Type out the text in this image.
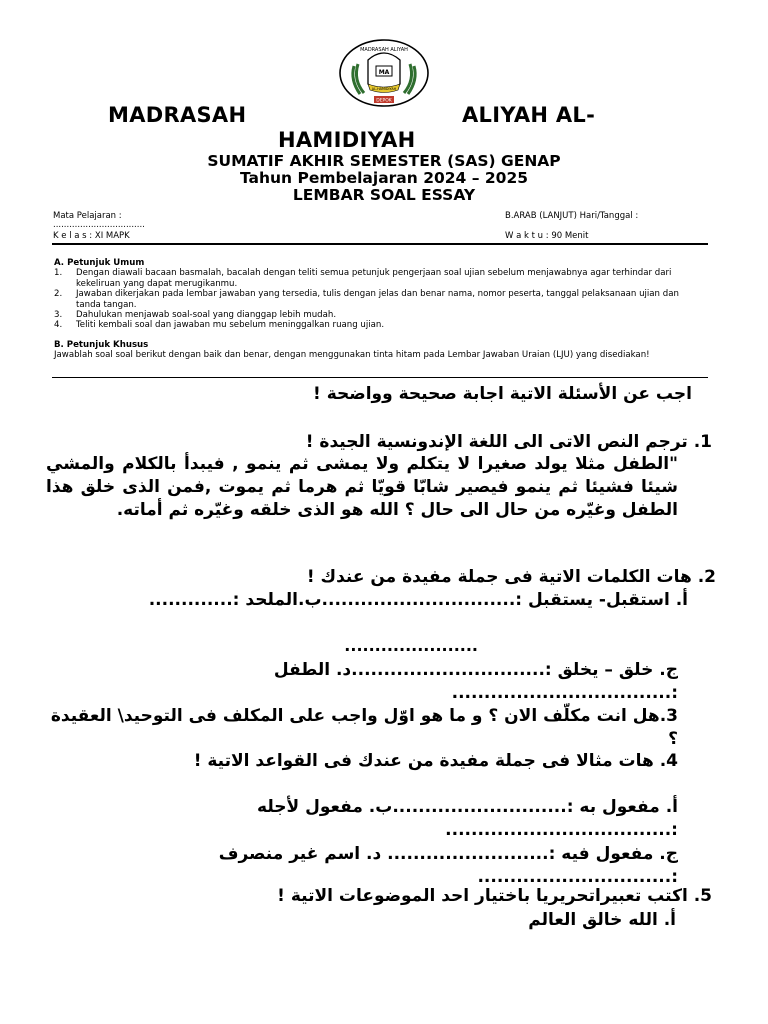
MA
MADRASAH ALIYAH
AL-HAMIDIYAH
DEPOK
MADRASAH	ALIYAH AL-
HAMIDIYAH
SUMATIF AKHIR SEMESTER (SAS) GENAP
Tahun Pembelajaran 2024 – 2025
LEMBAR SOAL ESSAY
Mata Pelajaran :
..................................
B.ARAB (LANJUT) Hari/Tanggal :
K e l a s : XI MAPK	W a k t u : 90 Menit
A. Petunjuk Umum
1.	Dengan diawali bacaan basmalah, bacalah dengan teliti semua petunjuk pengerjaan soal ujian sebelum menjawabnya agar terhindar dari kekeliruan yang dapat merugikanmu.
2.	Jawaban dikerjakan pada lembar jawaban yang tersedia, tulis dengan jelas dan benar nama, nomor peserta, tanggal pelaksanaan ujian dan tanda tangan.
3.	Dahulukan menjawab soal-soal yang dianggap lebih mudah.
4.	Teliti kembali soal dan jawaban mu sebelum meninggalkan ruang ujian.
B. Petunjuk Khusus
Jawablah soal soal berikut dengan baik dan benar, dengan menggunakan tinta hitam pada Lembar Jawaban Uraian (LJU) yang disediakan!
اجب عن الأسئلة الاتية اجابة صحيحة وواضحة !
1. ترجم النص الاتى الى اللغة الإندونسية الجيدة !
"الطفل مثلا يولد صغيرا لا يتكلم ولا يمشى ثم ينمو , فيبدأ بالكلام والمشي شيئا فشيئا ثم ينمو فيصير شابّا قويّا ثم هرما ثم يموت ,فمن الذى خلق هذا الطفل وغيّره من حال الى حال ؟ الله هو الذى خلقه وغيّره ثم أماته.
2. هات الكلمات الاتية فى جملة مفيدة من عندك !
أ. استقبل- يستقبل :..............................ب.الملحد :.............
......................
ج. خلق – يخلق :..............................د. الطفل :..................................
3.هل انت مكلّف الان ؟ و ما هو اوّل واجب على المكلف فى التوحيد\ العقيدة ؟
4. هات مثالا فى جملة مفيدة من عندك فى القواعد الاتية !
أ. مفعول به :...........................ب. مفعول لأجله :...................................
ج. مفعول فيه :......................... د. اسم غير منصرف :..............................
5. اكتب تعبيراتحريريا باختيار احد الموضوعات الاتية !
أ. الله خالق العالم
